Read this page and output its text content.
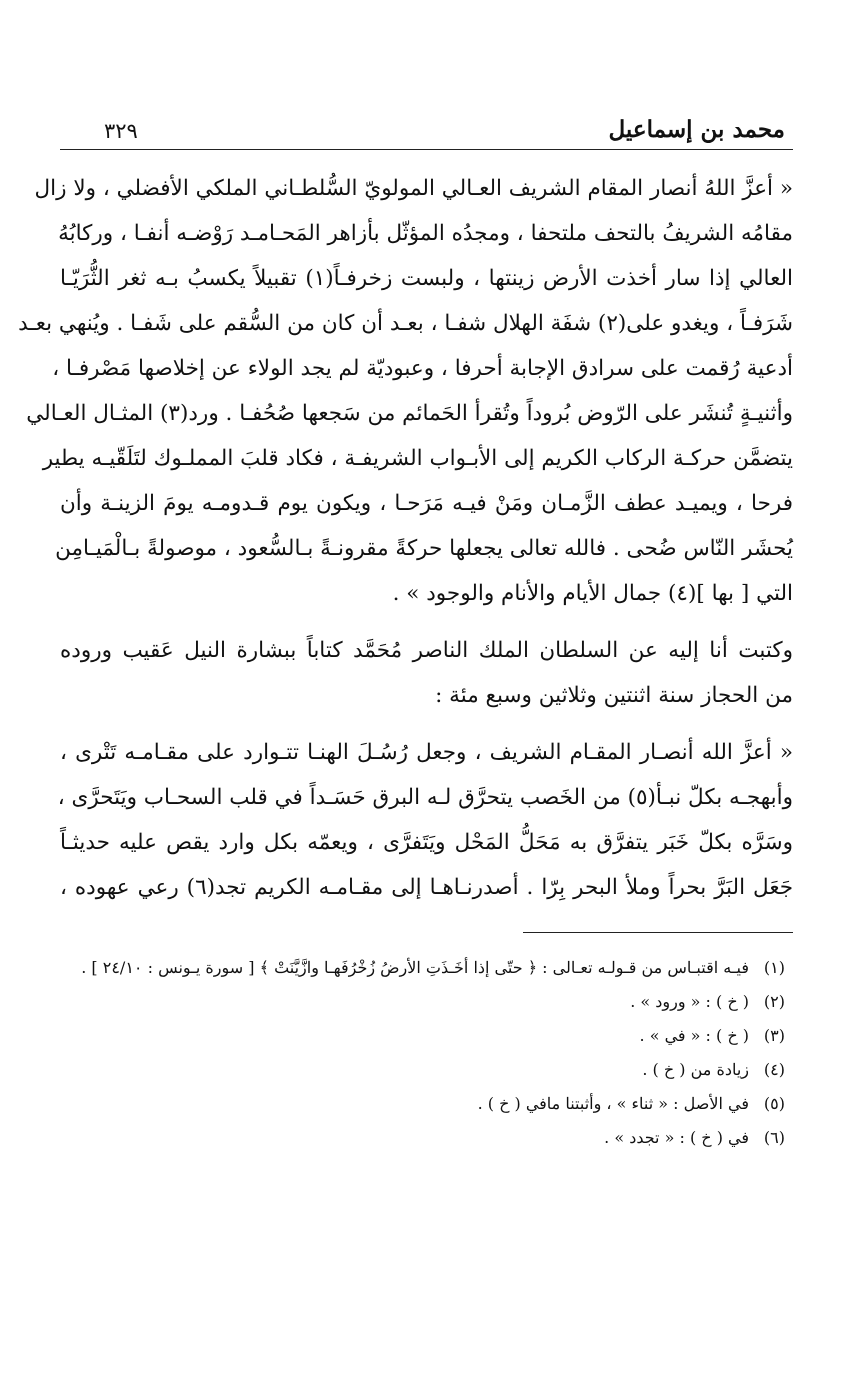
محمد بن إسماعيل
٣٢٩

« أعزَّ اللهُ أنصار المقام الشريف العـالي المولويّ السُّلطـاني الملكي الأفضلي ، ولا زال
مقامُه الشريفُ بالتحف ملتحفا ، ومجدُه المؤثّل بأزاهر المَحـامـد رَوْضـه أنفـا ، وركابُهُ
العالي إذا سار أخذت الأرض زينتها ، ولبست زخرفـاً(١) تقبيلاً يكسبُ بـه ثغر الثُّرَيّـا
شَرَفـاً ، ويغدو على(٢) شفَة الهلال شفـا ، بعـد أن كان من السُّقم على شَفـا . ويُنهي بعـد
أدعية رُقمت على سرادق الإجابة أحرفا ، وعبوديّة لم يجد الولاء عن إخلاصها مَصْرفـا ،
وأثنيـةٍ تُنشَر على الرّوض بُروداً وتُقرأ الحَمائم من سَجعها صُحُفـا . ورد(٣) المثـال العـالي
يتضمَّن حركـة الركاب الكريم إلى الأبـواب الشريفـة ، فكاد قلبَ المملـوك لتَلَقّيـه يطير
فرحا ، ويميـد عطف الزَّمـان ومَنْ فيـه مَرَحـا ، ويكون يوم قـدومـه يومَ الزينـة وأن
يُحشَر النّاس ضُحى . فالله تعالى يجعلها حركةً مقرونـةً بـالسُّعود ، موصولةً بـالْمَيـامِن
التي [ بها ](٤) جمال الأيام والأنام والوجود » .

وكتبت أنا إليه عن السلطان الملك الناصر مُحَمَّد كتاباً ببشارة النيل عَقيب وروده
من الحجاز سنة اثنتين وثلاثين وسبع مئة :

« أعزَّ الله أنصـار المقـام الشريف ، وجعل رُسُـلَ الهنـا تتـوارد على مقـامـه تَتْرى ،
وأبهجـه بكلّ نبـأ(٥) من الخَصب يتحرَّق لـه البرق حَسَـداً في قلب السحـاب ويَتَحرَّى ،
وسَرَّه بكلّ خَبَر يتفرَّق به مَحَلُّ المَحْل ويَتَفرَّى ، ويعمّه بكل وارد يقص عليه حديثـاً
جَعَل البَرَّ بحراً وملأ البحر بِرّا . أصدرنـاهـا إلى مقـامـه الكريم تجد(٦) رعي عهوده ،

(١)
فيـه اقتبـاس من قـولـه تعـالى : ﴿ حتّى إذا أخَـذَتِ الأرضُ زُخْرُفَهـا وازَّيَّنَتْ ﴾ [ سورة يـونس : ٢٤/١٠ ] .
(٢)
( خ ) : « ورود » .
(٣)
( خ ) : « في » .
(٤)
زيادة من ( خ ) .
(٥)
في الأصل : « ثناء » ، وأثبتنا مافي ( خ ) .
(٦)
في ( خ ) : « تجدد » .
